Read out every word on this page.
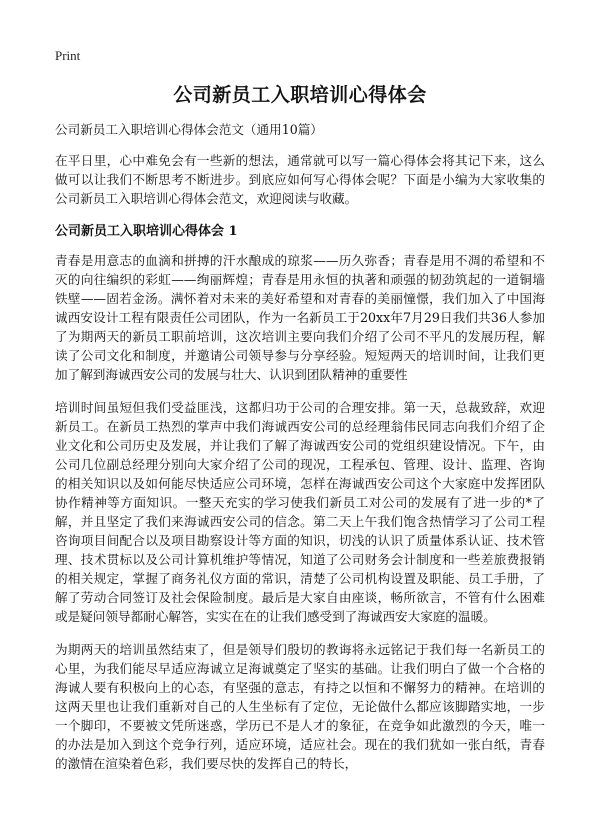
Print
公司新员工入职培训心得体会

公司新员工入职培训心得体会范文（通用10篇）

在平日里，心中难免会有一些新的想法，通常就可以写一篇心得体会将其记下来，这么做可以让我们不断思考不断进步。到底应如何写心得体会呢？下面是小编为大家收集的公司新员工入职培训心得体会范文，欢迎阅读与收藏。

公司新员工入职培训心得体会 1

青春是用意志的血滴和拼搏的汗水酿成的琼浆——历久弥香；青春是用不凋的希望和不灭的向往编织的彩虹——绚丽辉煌；青春是用永恒的执著和顽强的韧劲筑起的一道铜墙铁壁——固若金汤。满怀着对未来的美好希望和对青春的美丽憧憬，我们加入了中国海诚西安设计工程有限责任公司团队，作为一名新员工于20xx年7月29日我们共36人参加了为期两天的新员工职前培训，这次培训主要向我们介绍了公司不平凡的发展历程，解读了公司文化和制度，并邀请公司领导参与分享经验。短短两天的培训时间，让我们更加了解到海诚西安公司的发展与壮大、认识到团队精神的重要性

培训时间虽短但我们受益匪浅，这都归功于公司的合理安排。第一天，总裁致辞，欢迎新员工。在新员工热烈的掌声中我们海诚西安公司的总经理翁伟民同志向我们介绍了企业文化和公司历史及发展，并让我们了解了海诚西安公司的党组织建设情况。下午，由公司几位副总经理分别向大家介绍了公司的现况，工程承包、管理、设计、监理、咨询的相关知识以及如何能尽快适应公司环境，怎样在海诚西安公司这个大家庭中发挥团队协作精神等方面知识。一整天充实的学习使我们新员工对公司的发展有了进一步的*了解，并且坚定了我们来海诚西安公司的信念。第二天上午我们饱含热情学习了公司工程咨询项目间配合以及项目勘察设计等方面的知识，切浅的认识了质量体系认证、技术管理、技术贯标以及公司计算机维护等情况，知道了公司财务会计制度和一些差旅费报销的相关规定，掌握了商务礼仪方面的常识，清楚了公司机构设置及职能、员工手册，了解了劳动合同签订及社会保险制度。最后是大家自由座谈，畅所欲言，不管有什么困难或是疑问领导都耐心解答，实实在在的让我们感受到了海诚西安大家庭的温暖。

为期两天的培训虽然结束了，但是领导们殷切的教诲将永远铭记于我们每一名新员工的心里，为我们能尽早适应海诚立足海诚奠定了坚实的基础。让我们明白了做一个合格的海诚人要有积极向上的心态，有坚强的意志，有持之以恒和不懈努力的精神。在培训的这两天里也让我们重新对自己的人生坐标有了定位，无论做什么都应该脚踏实地，一步一个脚印，不要被文凭所迷惑，学历已不是人才的象征，在竞争如此激烈的今天，唯一的办法是加入到这个竞争行列，适应环境，适应社会。现在的我们犹如一张白纸，青春的激情在渲染着色彩，我们要尽快的发挥自己的特长，
